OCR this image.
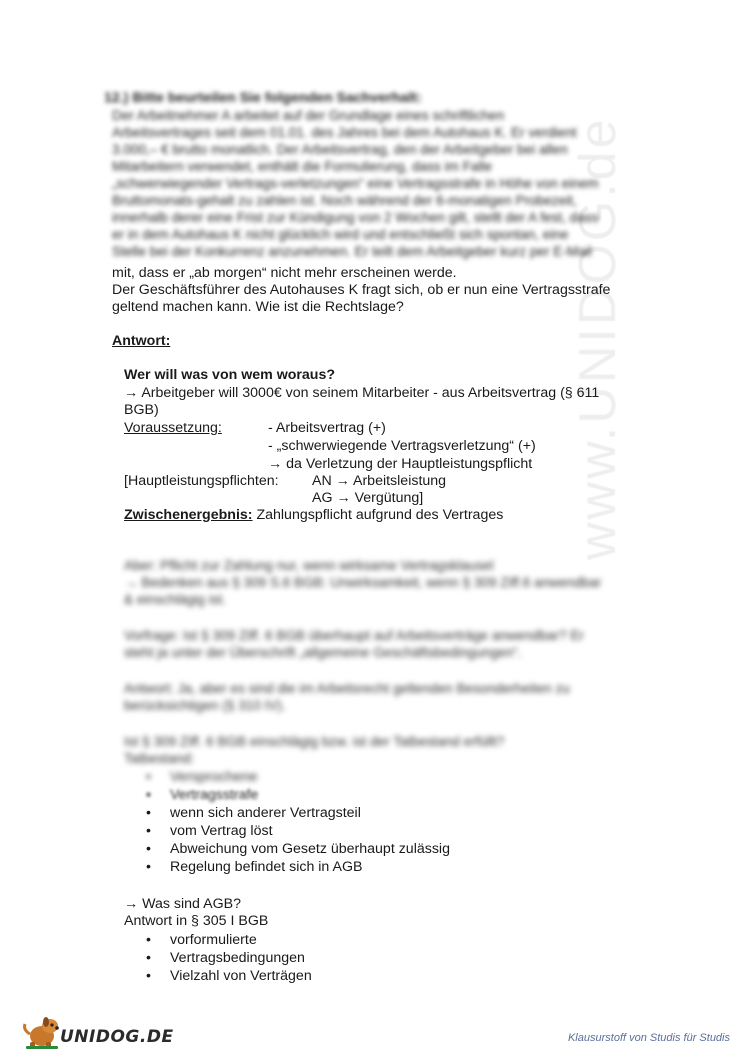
www.UNIDOG.de
12.) Bitte beurteilen Sie folgenden Sachverhalt:
Der Arbeitnehmer A arbeitet auf der Grundlage eines schriftlichen
Arbeitsvertrages seit dem 01.01. des Jahres bei dem Autohaus K. Er verdient
3.000,– € brutto monatlich. Der Arbeitsvertrag, den der Arbeitgeber bei allen
Mitarbeitern verwendet, enthält die Formulierung, dass im Falle
„schwerwiegender Vertrags-verletzungen“ eine Vertragsstrafe in Höhe von einem
Bruttomonats-gehalt zu zahlen ist. Noch während der 6-monatigen Probezeit,
innerhalb derer eine Frist zur Kündigung von 2 Wochen gilt, stellt der A fest, dass
er in dem Autohaus K nicht glücklich wird und entschließt sich spontan, eine
Stelle bei der Konkurrenz anzunehmen. Er teilt dem Arbeitgeber kurz per E-Mail
mit, dass er „ab morgen“ nicht mehr erscheinen werde.
Der Geschäftsführer des Autohauses K fragt sich, ob er nun eine Vertragsstrafe
geltend machen kann. Wie ist die Rechtslage?
Antwort:
Wer will was von wem woraus?
→ Arbeitgeber will 3000€ von seinem Mitarbeiter - aus Arbeitsvertrag (§ 611
BGB)
Voraussetzung:	- Arbeitsvertrag (+)
- „schwerwiegende Vertragsverletzung“ (+)
→ da Verletzung der Hauptleistungspflicht
[Hauptleistungspflichten: AN → Arbeitsleistung
AG → Vergütung]
Zwischenergebnis: Zahlungspflicht aufgrund des Vertrages
Aber: Pflicht zur Zahlung nur, wenn wirksame Vertragsklausel
→ Bedenken aus § 309 S.6 BGB: Unwirksamkeit, wenn § 309 Ziff.6 anwendbar
& einschlägig ist.
Vorfrage: Ist § 309 Ziff. 6 BGB überhaupt auf Arbeitsverträge anwendbar? Er
steht ja unter der Überschrift „allgemeine Geschäftsbedingungen“.
Antwort: Ja, aber es sind die im Arbeitsrecht geltenden Besonderheiten zu
berücksichtigen (§ 310 IV).
Ist § 309 Ziff. 6 BGB einschlägig bzw. ist der Tatbestand erfüllt?
Tatbestand:
• Versprochene
• Vertragsstrafe
• wenn sich anderer Vertragsteil
• vom Vertrag löst
• Abweichung vom Gesetz überhaupt zulässig
• Regelung befindet sich in AGB
→ Was sind AGB?
Antwort in § 305 I BGB
• vorformulierte
• Vertragsbedingungen
• Vielzahl von Verträgen
UNIDOG.DE	Klausurstoff von Studis für Studis
